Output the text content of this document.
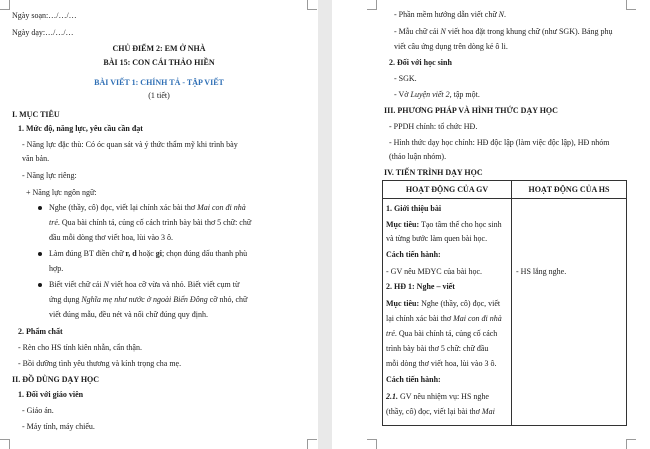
Ngày soạn:…/…/…
Ngày dạy:…/…/…
CHỦ ĐIỂM 2: EM Ở NHÀ
BÀI 15: CON CÁI THẢO HIỀN
BÀI VIẾT 1: CHÍNH TẢ - TẬP VIẾT
(1 tiết)
I. MỤC TIÊU
1. Mức độ, năng lực, yêu cầu cần đạt
- Năng lực đặc thù: Có óc quan sát và ý thức thẩm mỹ khi trình bày
văn bản.
- Năng lực riêng:
+ Năng lực ngôn ngữ:
Nghe (thầy, cô) đọc, viết lại chính xác bài thơ Mai con đi nhà
trẻ. Qua bài chính tả, củng cố cách trình bày bài thơ 5 chữ: chữ
đầu mỗi dòng thơ viết hoa, lùi vào 3 ô.
Làm đúng BT điền chữ r, d hoặc gi; chọn đúng dấu thanh phù
hợp.
Biết viết chữ cái N viết hoa cỡ vừa và nhỏ. Biết viết cụm từ
ứng dụng Nghĩa mẹ như nước ở ngoài Biển Đông cỡ nhỏ, chữ
viết đúng mẫu, đều nét và nối chữ đúng quy định.
2. Phẩm chất
- Rèn cho HS tính kiên nhẫn, cẩn thận.
- Bồi dưỡng tình yêu thương và kính trọng cha mẹ.
II. ĐỒ DÙNG DẠY HỌC
1. Đối với giáo viên
- Giáo án.
- Máy tính, máy chiếu.
- Phần mềm hướng dẫn viết chữ N.
- Mẫu chữ cái N viết hoa đặt trong khung chữ (như SGK). Bảng phụ
viết câu ứng dụng trên dòng kẻ ô li.
2. Đối với học sinh
- SGK.
- Vở Luyện viết 2, tập một.
III. PHƯƠNG PHÁP VÀ HÌNH THỨC DẠY HỌC
- PPDH chính: tổ chức HĐ.
- Hình thức dạy học chính: HĐ độc lập (làm việc độc lập), HĐ nhóm
(thảo luận nhóm).
IV. TIẾN TRÌNH DẠY HỌC
HOẠT ĐỘNG CỦA GV	HOẠT ĐỘNG CỦA HS
1. Giới thiệu bài
Mục tiêu: Tạo tâm thế cho học sinh
và từng bước làm quen bài học.
Cách tiến hành:
- GV nêu MĐYC của bài học.	- HS lắng nghe.
2. HĐ 1: Nghe – viết
Mục tiêu: Nghe (thầy, cô) đọc, viết
lại chính xác bài thơ Mai con đi nhà
trẻ. Qua bài chính tả, củng cố cách
trình bày bài thơ 5 chữ: chữ đầu
mỗi dòng thơ viết hoa, lùi vào 3 ô.
Cách tiến hành:
2.1. GV nêu nhiệm vụ: HS nghe
(thầy, cô) đọc, viết lại bài thơ Mai
